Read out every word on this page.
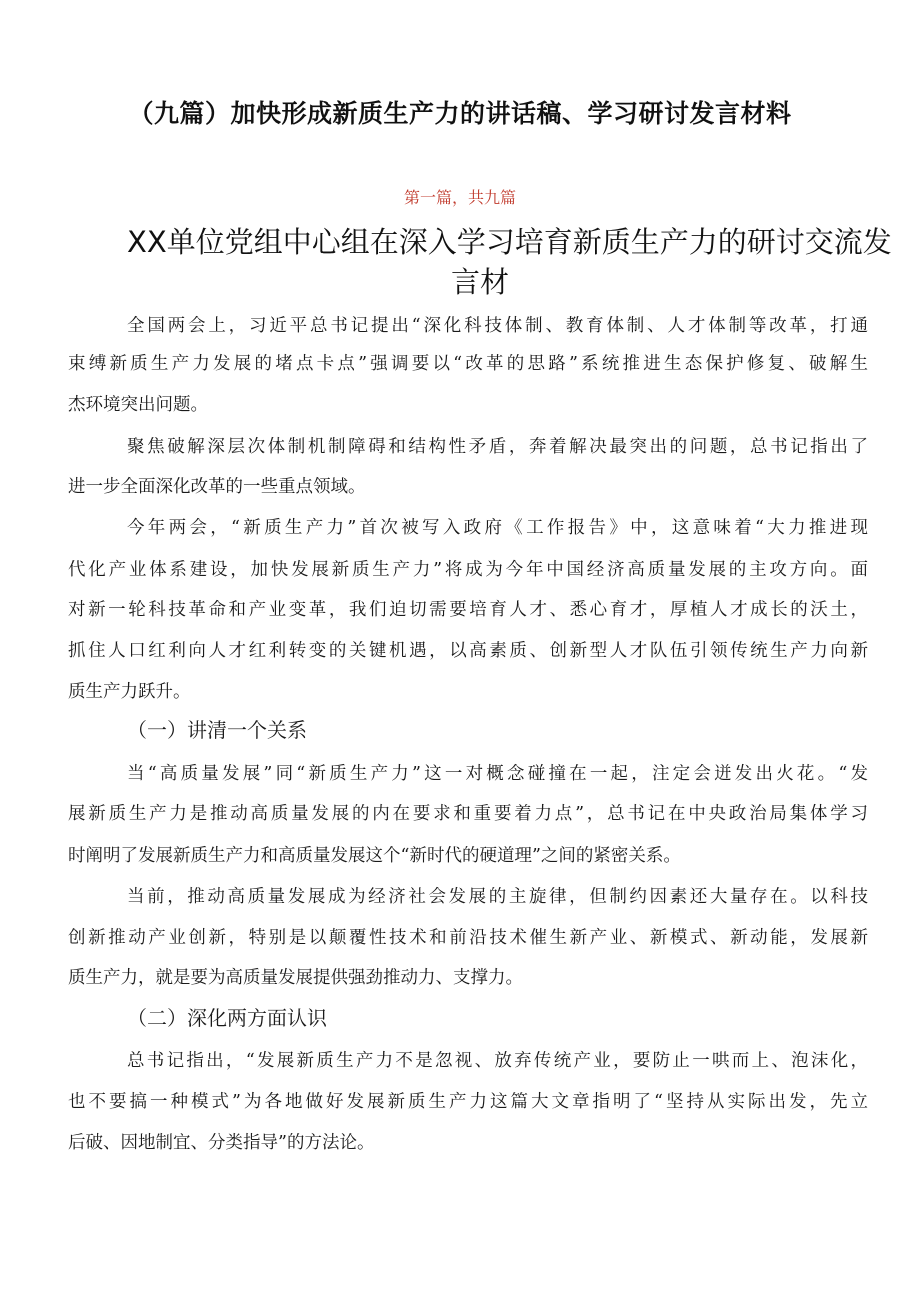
（九篇）加快形成新质生产力的讲话稿、学习研讨发言材料
第一篇，共九篇
XX单位党组中心组在深入学习培育新质生产力的研讨交流发
言材
全国两会上，习近平总书记提出“深化科技体制、教育体制、人才体制等改革，打通
束缚新质生产力发展的堵点卡点”强调要以“改革的思路”系统推进生态保护修复、破解生
杰环境突出问题。
聚焦破解深层次体制机制障碍和结构性矛盾，奔着解决最突出的问题，总书记指出了
进一步全面深化改革的一些重点领域。
今年两会，“新质生产力”首次被写入政府《工作报告》中，这意味着“大力推进现
代化产业体系建设，加快发展新质生产力”将成为今年中国经济高质量发展的主攻方向。面
对新一轮科技革命和产业变革，我们迫切需要培育人才、悉心育才，厚植人才成长的沃土，
抓住人口红利向人才红利转变的关键机遇，以高素质、创新型人才队伍引领传统生产力向新
质生产力跃升。
（一）讲清一个关系
当“高质量发展”同“新质生产力”这一对概念碰撞在一起，注定会迸发出火花。“发
展新质生产力是推动高质量发展的内在要求和重要着力点”，总书记在中央政治局集体学习
时阐明了发展新质生产力和高质量发展这个“新时代的硬道理”之间的紧密关系。
当前，推动高质量发展成为经济社会发展的主旋律，但制约因素还大量存在。以科技
创新推动产业创新，特别是以颠覆性技术和前沿技术催生新产业、新模式、新动能，发展新
质生产力，就是要为高质量发展提供强劲推动力、支撑力。
（二）深化两方面认识
总书记指出，“发展新质生产力不是忽视、放弃传统产业，要防止一哄而上、泡沫化，
也不要搞一种模式”为各地做好发展新质生产力这篇大文章指明了“坚持从实际出发，先立
后破、因地制宜、分类指导”的方法论。
